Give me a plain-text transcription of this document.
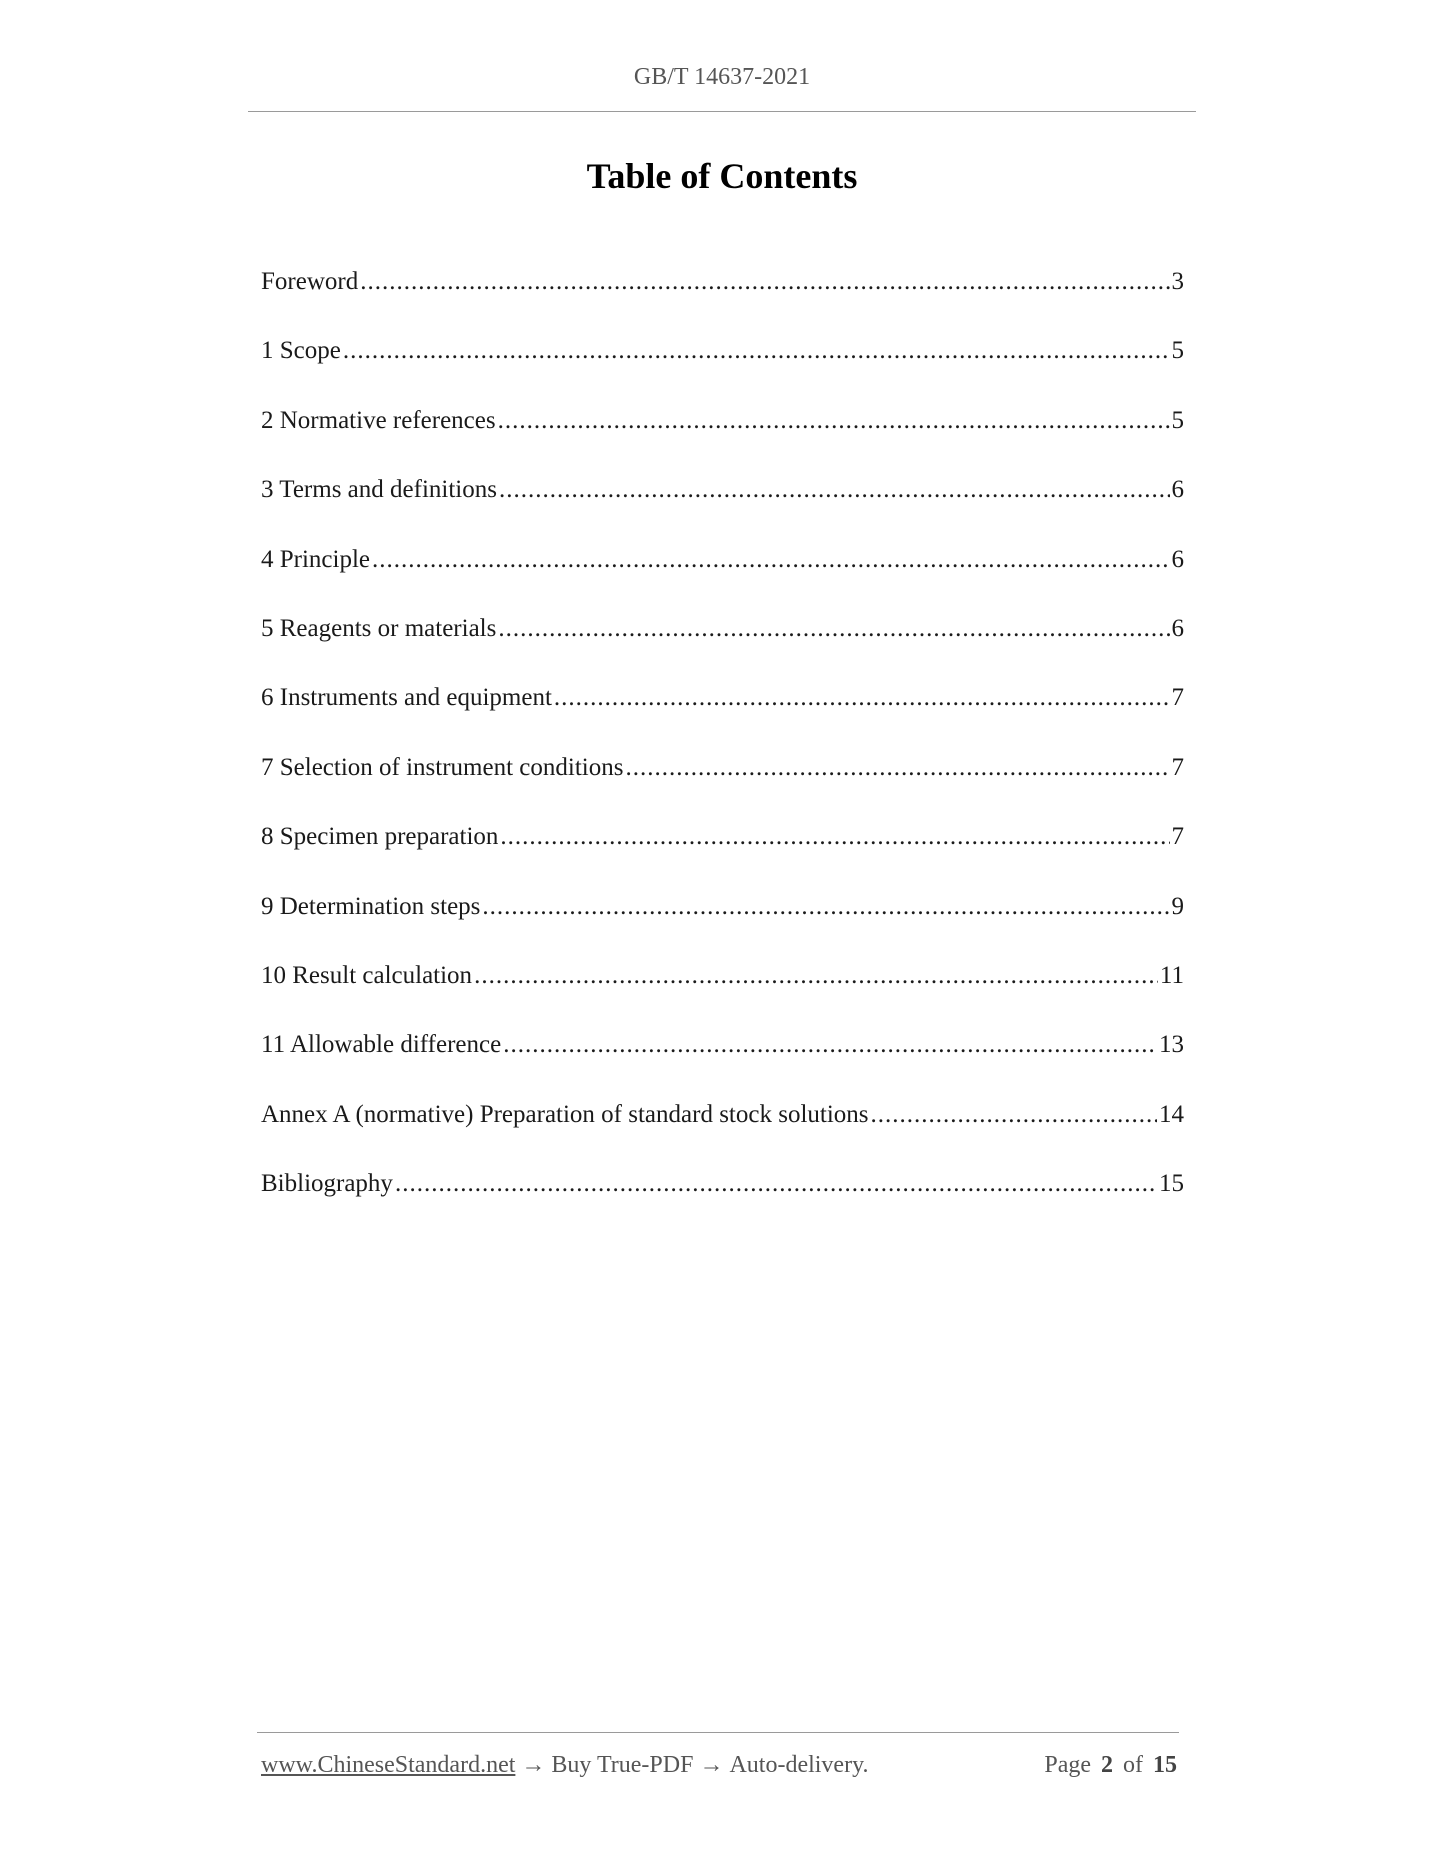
GB/T 14637-2021
Table of Contents
Foreword .....	3
1 Scope .....	5
2 Normative references .....	5
3 Terms and definitions .....	6
4 Principle .....	6
5 Reagents or materials .....	6
6 Instruments and equipment .....	7
7 Selection of instrument conditions .....	7
8 Specimen preparation .....	7
9 Determination steps .....	9
10 Result calculation .....	11
11 Allowable difference .....	13
Annex A (normative) Preparation of standard stock solutions .....	14
Bibliography .....	15
www.ChineseStandard.net → Buy True-PDF → Auto-delivery.	Page 2 of 15
